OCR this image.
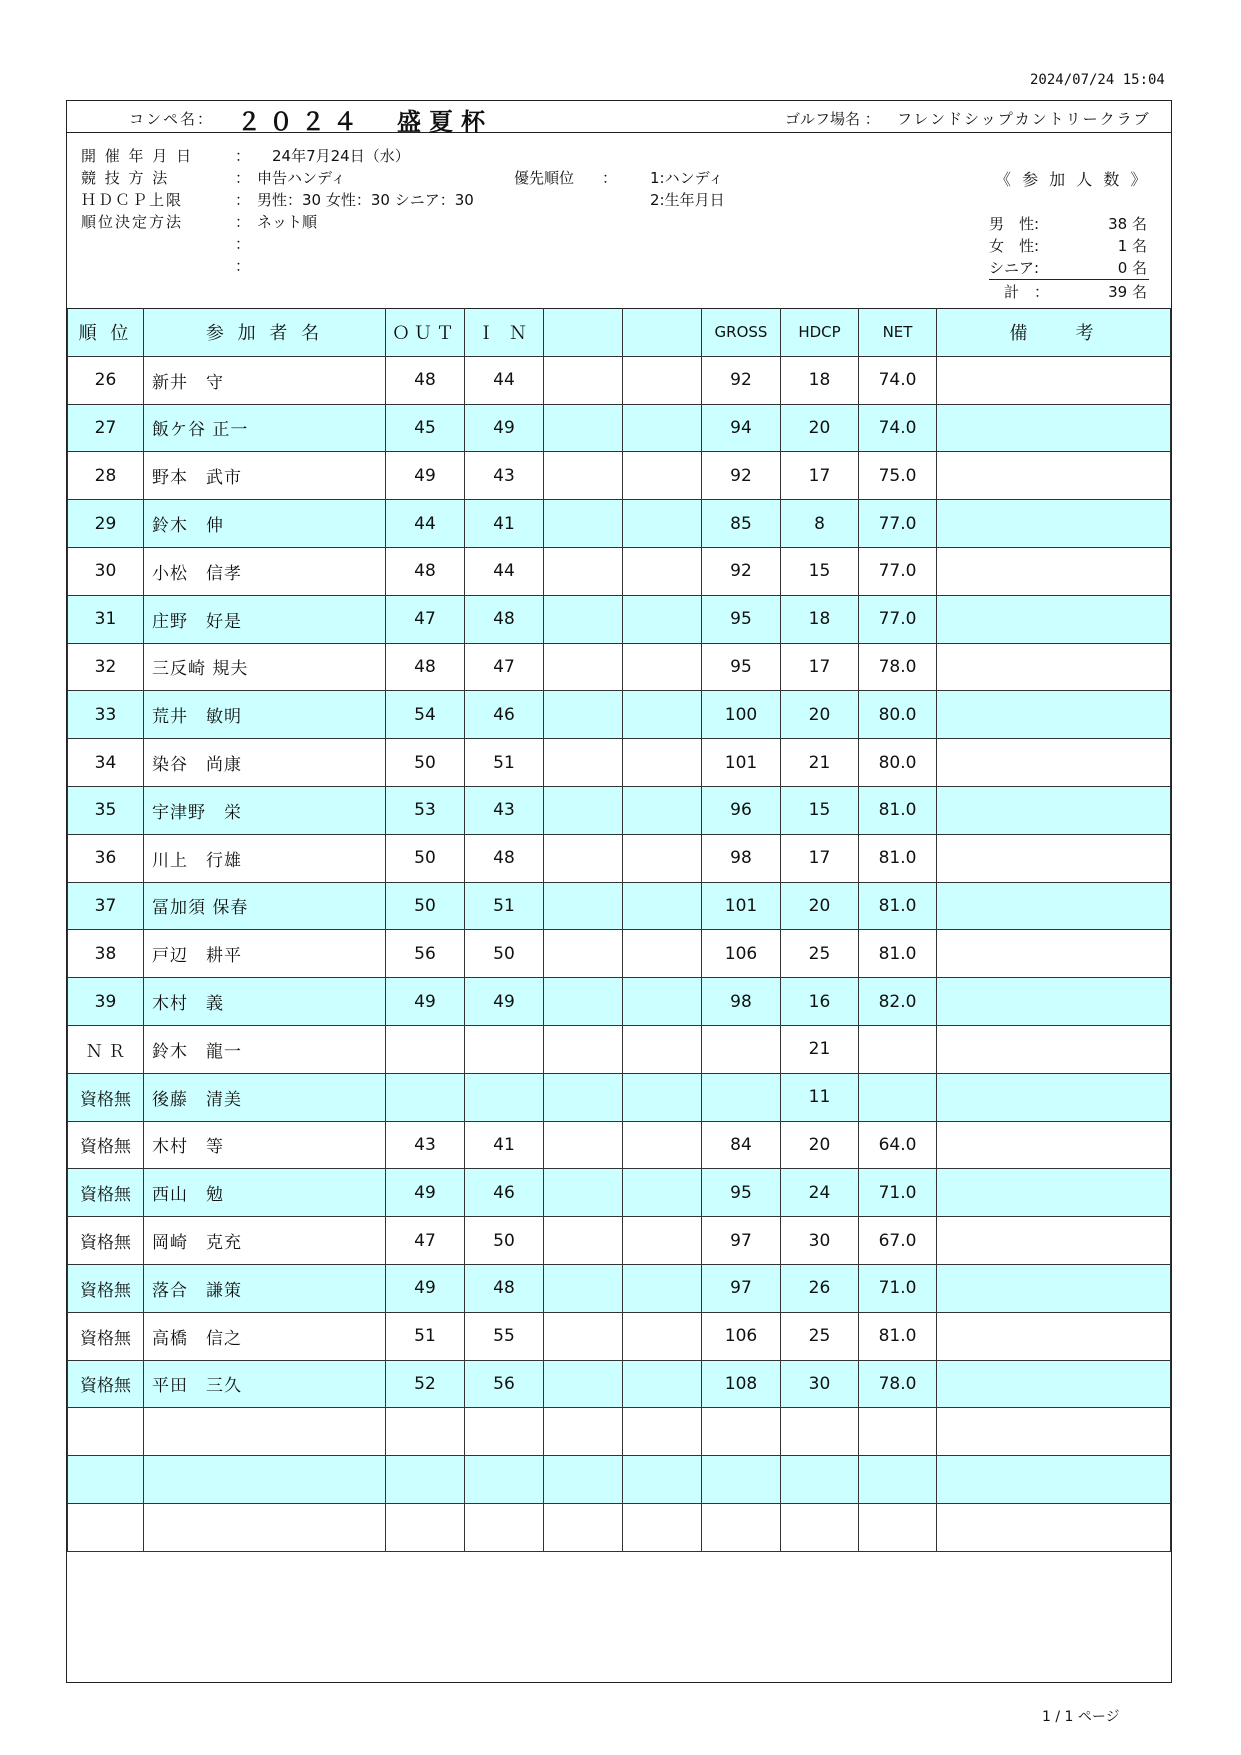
2024/07/24 15:04
コンペ名： ２０２４　盛夏杯	ゴルフ場名 ： フレンドシップカントリークラブ
開 催 年 月 日	： 　24年7月24日（水）
競 技 方 法	： 申告ハンディ
ＨＤＣＰ上限	： 男性：30 女性：30 シニア：30
順位決定方法	： ネット順
：
：
優先順位 ： 1:ハンディ
2:生年月日
《 参 加 人 数 》
男　性:	38 名
女　性:	1 名
シニア:	0 名
　計　：	39 名
順 位	参 加 者 名	ＯＵＴ	Ｉ Ｎ			GROSS	HDCP	NET	備　　考
26	新井　守	48	44			92	18	74.0	
27	飯ケ谷 正一	45	49			94	20	74.0	
28	野本　武市	49	43			92	17	75.0	
29	鈴木　伸	44	41			85	8	77.0	
30	小松　信孝	48	44			92	15	77.0	
31	庄野　好是	47	48			95	18	77.0	
32	三反崎 規夫	48	47			95	17	78.0	
33	荒井　敏明	54	46			100	20	80.0	
34	染谷　尚康	50	51			101	21	80.0	
35	宇津野　栄	53	43			96	15	81.0	
36	川上　行雄	50	48			98	17	81.0	
37	冨加須 保春	50	51			101	20	81.0	
38	戸辺　耕平	56	50			106	25	81.0	
39	木村　義	49	49			98	16	82.0	
Ｎ Ｒ	鈴木　龍一						21		
資格無	後藤　清美						11		
資格無	木村　等	43	41			84	20	64.0	
資格無	西山　勉	49	46			95	24	71.0	
資格無	岡崎　克充	47	50			97	30	67.0	
資格無	落合　謙策	49	48			97	26	71.0	
資格無	高橋　信之	51	55			106	25	81.0	
資格無	平田　三久	52	56			108	30	78.0	

1 / 1 ページ
